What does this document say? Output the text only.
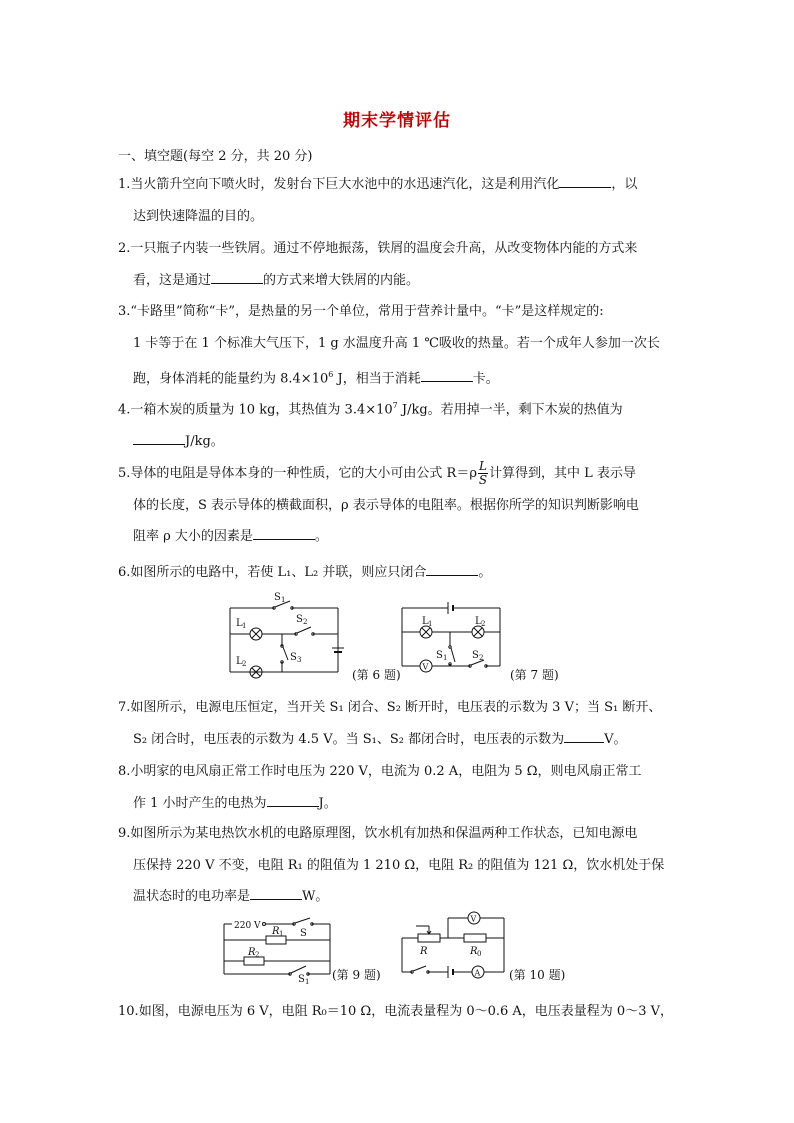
期末学情评估
一、填空题(每空 2 分，共 20 分)
1.当火箭升空向下喷火时，发射台下巨大水池中的水迅速汽化，这是利用汽化	，以
达到快速降温的目的。
2.一只瓶子内装一些铁屑。通过不停地振荡，铁屑的温度会升高，从改变物体内能的方式来
看，这是通过	的方式来增大铁屑的内能。
3.“卡路里”简称“卡”，是热量的另一个单位，常用于营养计量中。“卡”是这样规定的:
1 卡等于在 1 个标准大气压下，1 g 水温度升高 1 ℃吸收的热量。若一个成年人参加一次长
跑，身体消耗的能量约为 $8.4\times 10^6$ J，相当于消耗	卡。
4.一箱木炭的质量为 10 kg，其热值为 $3.4\times 10^7$ J/kg。若用掉一半，剩下木炭的热值为
J/kg。
5.导体的电阻是导体本身的一种性质，它的大小可由公式 $R=\rho \frac{L}{S}$ 计算得到，其中 L 表示导
体的长度，S 表示导体的横截面积，ρ 表示导体的电阻率。根据你所学的知识判断影响电
阻率 ρ 大小的因素是	。
6.如图所示的电路中，若使 L₁、L₂ 并联，则应只闭合	。
S 1
L 1
S 2
L 2
S 3
L 1	L 2
V
S 1 S 2
(第 7 题)
(第 6 题)
7.如图所示，电源电压恒定，当开关 S₁ 闭合、S₂ 断开时，电压表的示数为 3 V；当 S₁ 断开、
S₂ 闭合时，电压表的示数为 4.5 V。当 S₁、S₂ 都闭合时，电压表的示数为	V。
8.小明家的电风扇正常工作时电压为 220 V，电流为 0.2 A，电阻为 5 Ω，则电风扇正常工
作 1 小时产生的电热为	J。
9.如图所示为某电热饮水机的电路原理图，饮水机有加热和保温两种工作状态，已知电源电
压保持 220 V 不变，电阻 R₁ 的阻值为 1 210 Ω，电阻 R₂ 的阻值为 121 Ω，饮水机处于保
温状态时的电功率是	W。
220 V R 1 S
R 2
S 1 (第 9 题)
V
R	R 0
A (第 10 题)
10.如图，电源电压为 6 V，电阻 R₀＝10 Ω，电流表量程为 0～0.6 A，电压表量程为 0～3 V，
